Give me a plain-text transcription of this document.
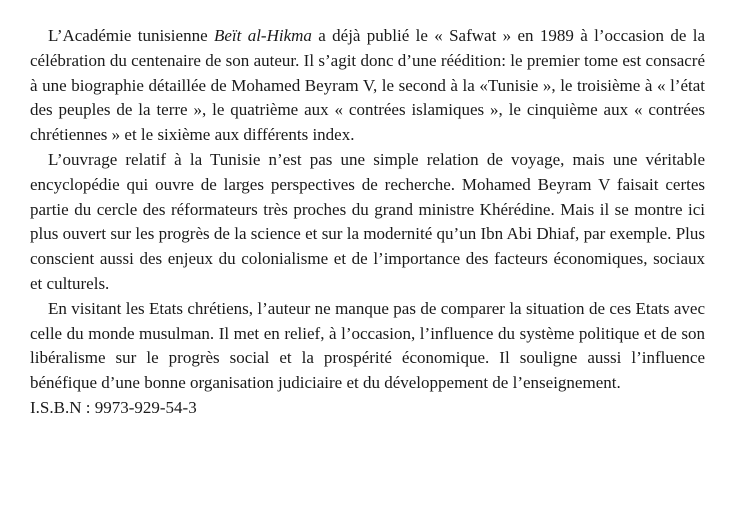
L’Académie tunisienne Beït al-Hikma a déjà publié le « Safwat » en 1989 à l’occasion de la célébration du centenaire de son auteur. Il s’agit donc d’une réédition: le premier tome est consacré à une biographie détaillée de Mohamed Beyram V, le second à la «Tunisie », le troisième à « l’état des peuples de la terre », le quatrième aux « contrées islamiques », le cinquième aux « contrées chrétiennes » et le sixième aux différents index.

L’ouvrage relatif à la Tunisie n’est pas une simple relation de voyage, mais une véritable encyclopédie qui ouvre de larges perspectives de recherche. Mohamed Beyram V faisait certes partie du cercle des réformateurs très proches du grand ministre Khérédine. Mais il se montre ici plus ouvert sur les progrès de la science et sur la modernité qu’un Ibn Abi Dhiaf, par exemple. Plus conscient aussi des enjeux du colonialisme et de l’importance des facteurs économiques, sociaux et culturels.

En visitant les Etats chrétiens, l’auteur ne manque pas de comparer la situation de ces Etats avec celle du monde musulman. Il met en relief, à l’occasion, l’influence du système politique et de son libéralisme sur le progrès social et la prospérité économique. Il souligne aussi l’influence bénéfique d’une bonne organisation judiciaire et du développement de l’enseignement.

I.S.B.N : 9973-929-54-3
